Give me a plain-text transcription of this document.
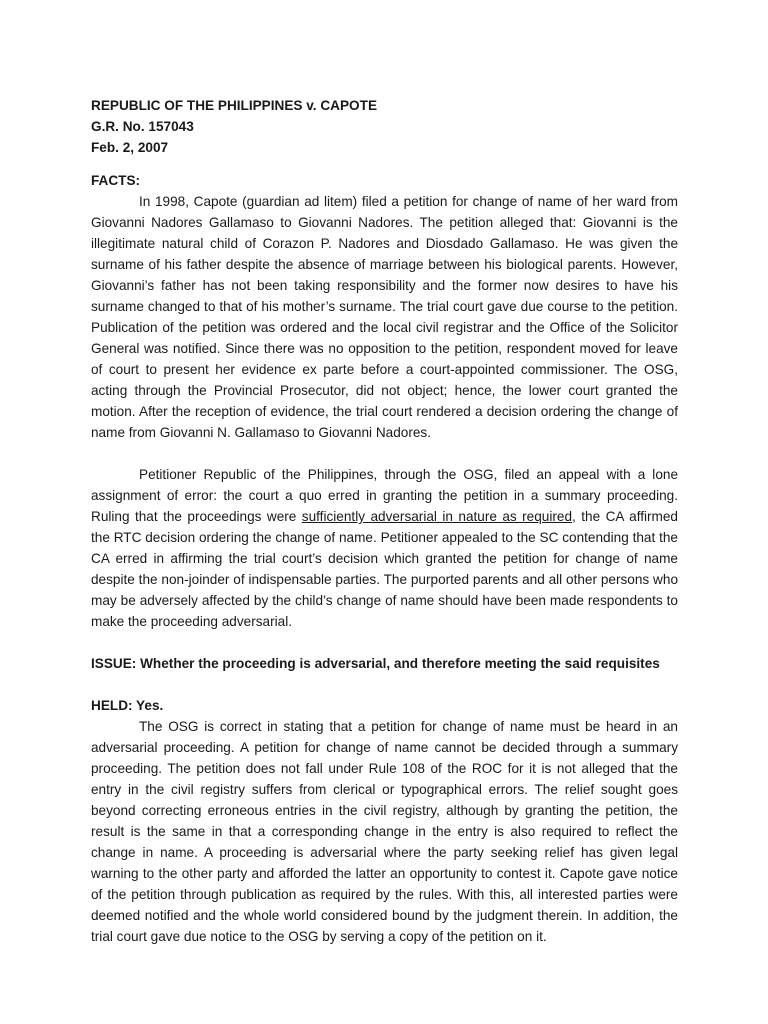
REPUBLIC OF THE PHILIPPINES v. CAPOTE
G.R. No. 157043
Feb. 2, 2007
FACTS:

In 1998, Capote (guardian ad litem) filed a petition for change of name of her ward from Giovanni Nadores Gallamaso to Giovanni Nadores. The petition alleged that: Giovanni is the illegitimate natural child of Corazon P. Nadores and Diosdado Gallamaso. He was given the surname of his father despite the absence of marriage between his biological parents. However, Giovanni’s father has not been taking responsibility and the former now desires to have his surname changed to that of his mother’s surname. The trial court gave due course to the petition. Publication of the petition was ordered and the local civil registrar and the Office of the Solicitor General was notified. Since there was no opposition to the petition, respondent moved for leave of court to present her evidence ex parte before a court-appointed commissioner. The OSG, acting through the Provincial Prosecutor, did not object; hence, the lower court granted the motion. After the reception of evidence, the trial court rendered a decision ordering the change of name from Giovanni N. Gallamaso to Giovanni Nadores.

Petitioner Republic of the Philippines, through the OSG, filed an appeal with a lone assignment of error: the court a quo erred in granting the petition in a summary proceeding. Ruling that the proceedings were sufficiently adversarial in nature as required, the CA affirmed the RTC decision ordering the change of name. Petitioner appealed to the SC contending that the CA erred in affirming the trial court’s decision which granted the petition for change of name despite the non-joinder of indispensable parties. The purported parents and all other persons who may be adversely affected by the child’s change of name should have been made respondents to make the proceeding adversarial.

ISSUE: Whether the proceeding is adversarial, and therefore meeting the said requisites

HELD: Yes.

The OSG is correct in stating that a petition for change of name must be heard in an adversarial proceeding. A petition for change of name cannot be decided through a summary proceeding. The petition does not fall under Rule 108 of the ROC for it is not alleged that the entry in the civil registry suffers from clerical or typographical errors. The relief sought goes beyond correcting erroneous entries in the civil registry, although by granting the petition, the result is the same in that a corresponding change in the entry is also required to reflect the change in name. A proceeding is adversarial where the party seeking relief has given legal warning to the other party and afforded the latter an opportunity to contest it. Capote gave notice of the petition through publication as required by the rules. With this, all interested parties were deemed notified and the whole world considered bound by the judgment therein. In addition, the trial court gave due notice to the OSG by serving a copy of the petition on it.
